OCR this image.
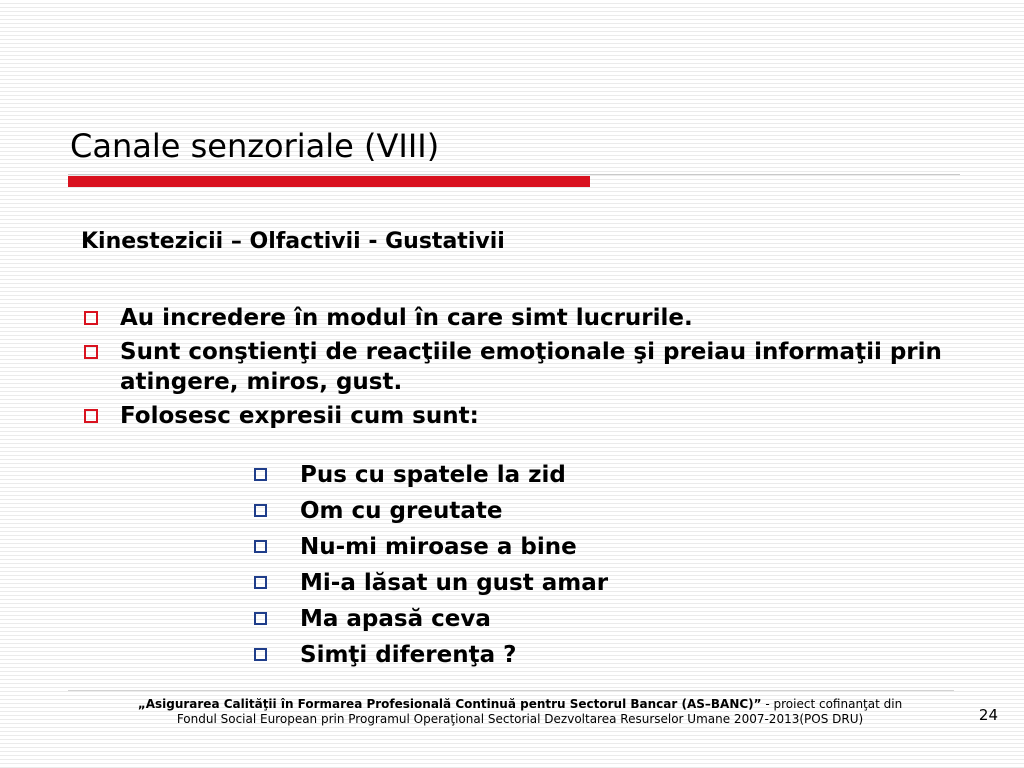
Canale senzoriale (VIII)

Kinestezicii – Olfactivii - Gustativii

Au incredere în modul în care simt lucrurile.
Sunt conştienţi de reacţiile emoţionale şi preiau informaţii prin atingere, miros, gust.
Folosesc expresii cum sunt:
Pus cu spatele la zid
Om cu greutate
Nu-mi miroase a bine
Mi-a lăsat un gust amar
Ma apasă ceva
Simţi diferenţa ?
„Asigurarea Calităţii în Formarea Profesională Continuă pentru Sectorul Bancar (AS–BANC)” - proiect cofinanţat din
Fondul Social European prin Programul Operaţional Sectorial Dezvoltarea Resurselor Umane 2007-2013(POS DRU)	24
